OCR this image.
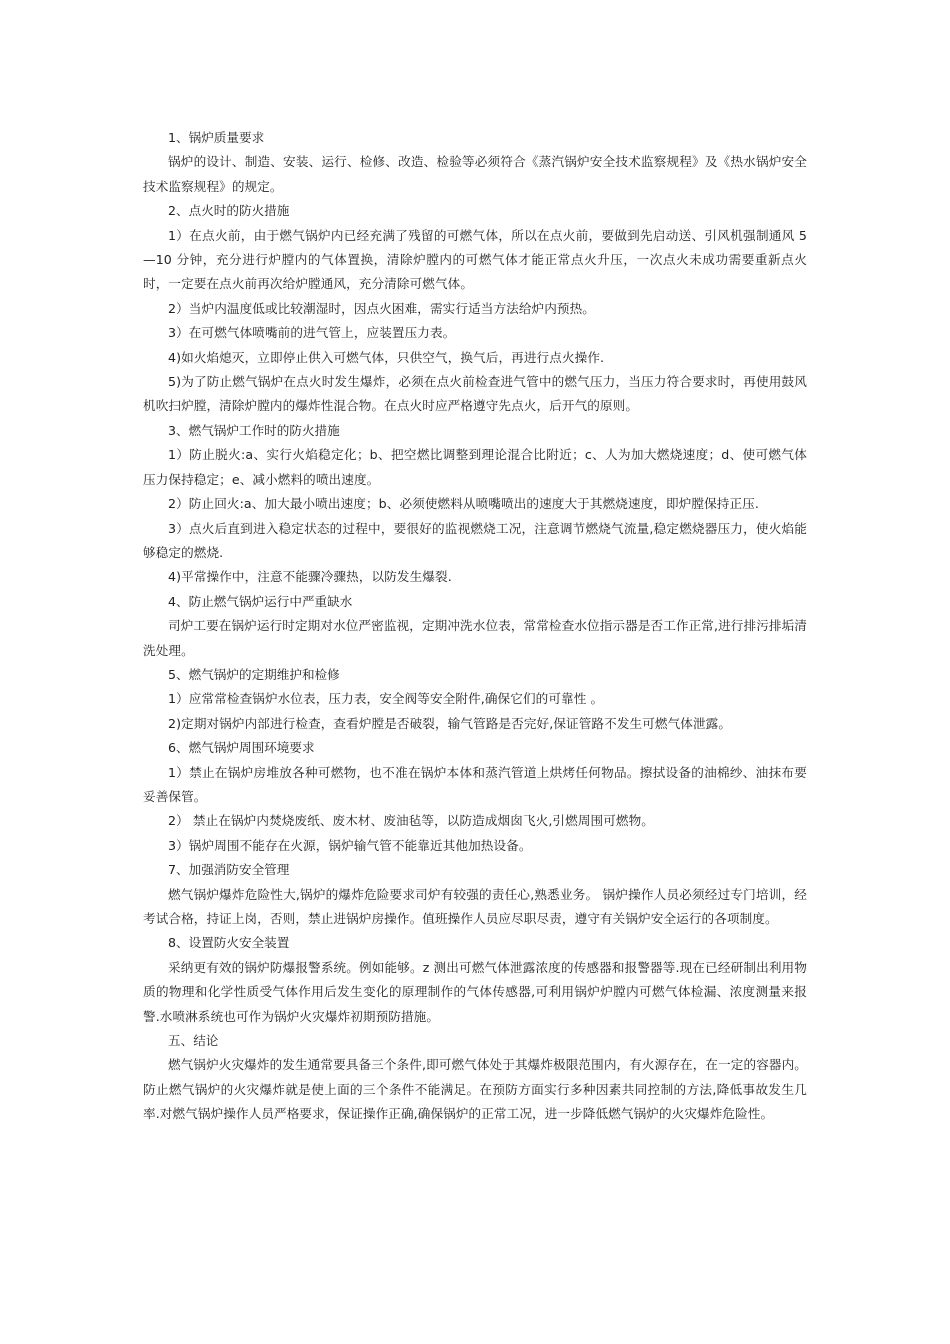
1、锅炉质量要求

锅炉的设计、制造、安装、运行、检修、改造、检验等必须符合《蒸汽锅炉安全技术监察规程》及《热水锅炉安全技术监察规程》的规定。

2、点火时的防火措施

1）在点火前，由于燃气锅炉内已经充满了残留的可燃气体，所以在点火前，要做到先启动送、引风机强制通风 5—10 分钟，充分进行炉膛内的气体置换，清除炉膛内的可燃气体才能正常点火升压，一次点火未成功需要重新点火时，一定要在点火前再次给炉膛通风，充分清除可燃气体。

2）当炉内温度低或比较潮湿时，因点火困难，需实行适当方法给炉内预热。

3）在可燃气体喷嘴前的进气管上，应装置压力表。

4)如火焰熄灭，立即停止供入可燃气体，只供空气，换气后，再进行点火操作.

5)为了防止燃气锅炉在点火时发生爆炸，必须在点火前检查进气管中的燃气压力，当压力符合要求时，再使用鼓风机吹扫炉膛，清除炉膛内的爆炸性混合物。在点火时应严格遵守先点火，后开气的原则。

3、燃气锅炉工作时的防火措施

1）防止脱火:a、实行火焰稳定化；b、把空燃比调整到理论混合比附近；c、人为加大燃烧速度；d、使可燃气体压力保持稳定；e、减小燃料的喷出速度。

2）防止回火:a、加大最小喷出速度；b、必须使燃料从喷嘴喷出的速度大于其燃烧速度，即炉膛保持正压.

3）点火后直到进入稳定状态的过程中，要很好的监视燃烧工况，注意调节燃烧气流量,稳定燃烧器压力，使火焰能够稳定的燃烧.

4)平常操作中，注意不能骤冷骤热，以防发生爆裂.

4、防止燃气锅炉运行中严重缺水

司炉工要在锅炉运行时定期对水位严密监视，定期冲洗水位表，常常检查水位指示器是否工作正常,进行排污排垢清洗处理。

5、燃气锅炉的定期维护和检修

1）应常常检查锅炉水位表，压力表，安全阀等安全附件,确保它们的可靠性 。

2)定期对锅炉内部进行检查，查看炉膛是否破裂，输气管路是否完好,保证管路不发生可燃气体泄露。

6、燃气锅炉周围环境要求

1）禁止在锅炉房堆放各种可燃物，也不准在锅炉本体和蒸汽管道上烘烤任何物品。擦拭设备的油棉纱、油抹布要妥善保管。

2） 禁止在锅炉内焚烧废纸、废木材、废油毡等，以防造成烟囱飞火,引燃周围可燃物。

3）锅炉周围不能存在火源，锅炉输气管不能靠近其他加热设备。

7、加强消防安全管理

燃气锅炉爆炸危险性大,锅炉的爆炸危险要求司炉有较强的责任心,熟悉业务。 锅炉操作人员必须经过专门培训，经考试合格，持证上岗，否则，禁止进锅炉房操作。值班操作人员应尽职尽责，遵守有关锅炉安全运行的各项制度。

8、设置防火安全装置

采纳更有效的锅炉防爆报警系统。例如能够。z 测出可燃气体泄露浓度的传感器和报警器等.现在已经研制出利用物质的物理和化学性质受气体作用后发生变化的原理制作的气体传感器,可利用锅炉炉膛内可燃气体检漏、浓度测量来报警.水喷淋系统也可作为锅炉火灾爆炸初期预防措施。

五、结论

燃气锅炉火灾爆炸的发生通常要具备三个条件,即可燃气体处于其爆炸极限范围内，有火源存在，在一定的容器内。防止燃气锅炉的火灾爆炸就是使上面的三个条件不能满足。在预防方面实行多种因素共同控制的方法,降低事故发生几率.对燃气锅炉操作人员严格要求，保证操作正确,确保锅炉的正常工况，进一步降低燃气锅炉的火灾爆炸危险性。
